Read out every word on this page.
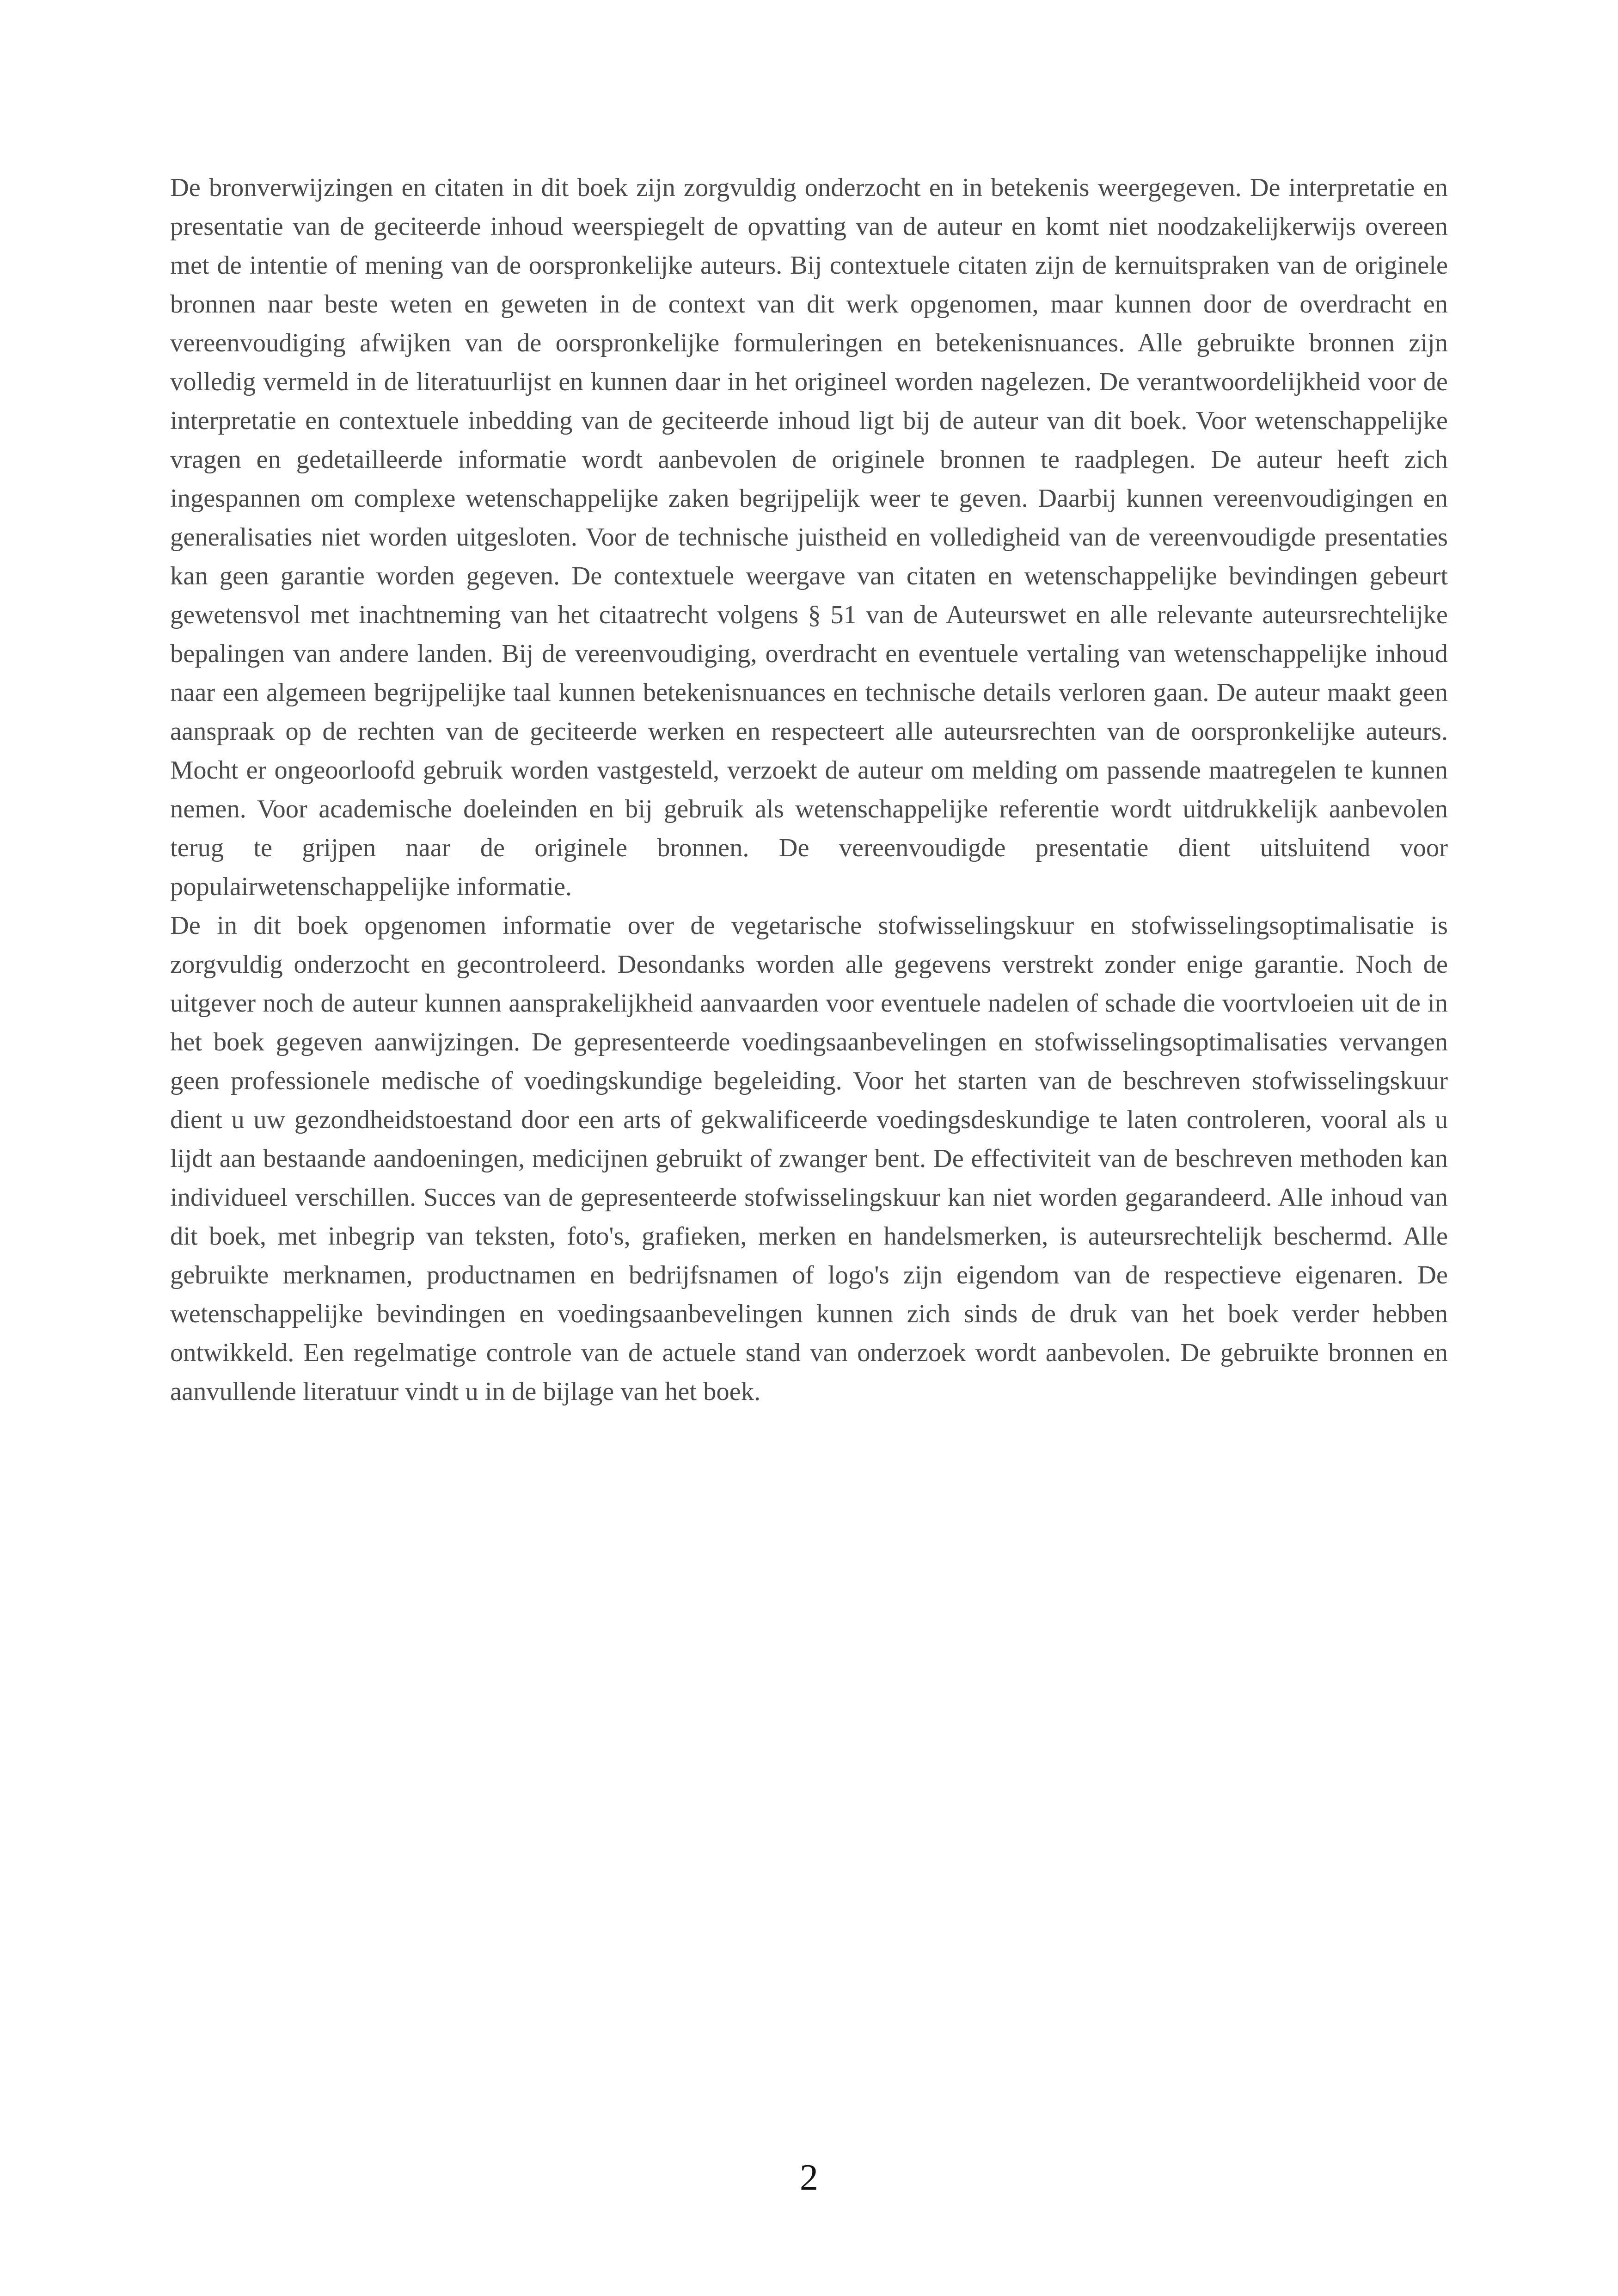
De bronverwijzingen en citaten in dit boek zijn zorgvuldig onderzocht en in betekenis weergegeven. De interpretatie en presentatie van de geciteerde inhoud weerspiegelt de opvatting van de auteur en komt niet noodzakelijkerwijs overeen met de intentie of mening van de oorspronkelijke auteurs. Bij contextuele citaten zijn de kernuitspraken van de originele bronnen naar beste weten en geweten in de context van dit werk opgenomen, maar kunnen door de overdracht en vereenvoudiging afwijken van de oorspronkelijke formuleringen en betekenisnuances. Alle gebruikte bronnen zijn volledig vermeld in de literatuurlijst en kunnen daar in het origineel worden nagelezen. De verantwoordelijkheid voor de interpretatie en contextuele inbedding van de geciteerde inhoud ligt bij de auteur van dit boek. Voor wetenschappelijke vragen en gedetailleerde informatie wordt aanbevolen de originele bronnen te raadplegen. De auteur heeft zich ingespannen om complexe wetenschappelijke zaken begrijpelijk weer te geven. Daarbij kunnen vereenvoudigingen en generalisaties niet worden uitgesloten. Voor de technische juistheid en volledigheid van de vereenvoudigde presentaties kan geen garantie worden gegeven. De contextuele weergave van citaten en wetenschappelijke bevindingen gebeurt gewetensvol met inachtneming van het citaatrecht volgens § 51 van de Auteurswet en alle relevante auteursrechtelijke bepalingen van andere landen. Bij de vereenvoudiging, overdracht en eventuele vertaling van wetenschappelijke inhoud naar een algemeen begrijpelijke taal kunnen betekenisnuances en technische details verloren gaan. De auteur maakt geen aanspraak op de rechten van de geciteerde werken en respecteert alle auteursrechten van de oorspronkelijke auteurs. Mocht er ongeoorloofd gebruik worden vastgesteld, verzoekt de auteur om melding om passende maatregelen te kunnen nemen. Voor academische doeleinden en bij gebruik als wetenschappelijke referentie wordt uitdrukkelijk aanbevolen terug te grijpen naar de originele bronnen. De vereenvoudigde presentatie dient uitsluitend voor populairwetenschappelijke informatie.

De in dit boek opgenomen informatie over de vegetarische stofwisselingskuur en stofwisselingsoptimalisatie is zorgvuldig onderzocht en gecontroleerd. Desondanks worden alle gegevens verstrekt zonder enige garantie. Noch de uitgever noch de auteur kunnen aansprakelijkheid aanvaarden voor eventuele nadelen of schade die voortvloeien uit de in het boek gegeven aanwijzingen. De gepresenteerde voedingsaanbevelingen en stofwisselingsoptimalisaties vervangen geen professionele medische of voedingskundige begeleiding. Voor het starten van de beschreven stofwisselingskuur dient u uw gezondheidstoestand door een arts of gekwalificeerde voedingsdeskundige te laten controleren, vooral als u lijdt aan bestaande aandoeningen, medicijnen gebruikt of zwanger bent. De effectiviteit van de beschreven methoden kan individueel verschillen. Succes van de gepresenteerde stofwisselingskuur kan niet worden gegarandeerd. Alle inhoud van dit boek, met inbegrip van teksten, foto's, grafieken, merken en handelsmerken, is auteursrechtelijk beschermd. Alle gebruikte merknamen, productnamen en bedrijfsnamen of logo's zijn eigendom van de respectieve eigenaren. De wetenschappelijke bevindingen en voedingsaanbevelingen kunnen zich sinds de druk van het boek verder hebben ontwikkeld. Een regelmatige controle van de actuele stand van onderzoek wordt aanbevolen. De gebruikte bronnen en aanvullende literatuur vindt u in de bijlage van het boek.

2
